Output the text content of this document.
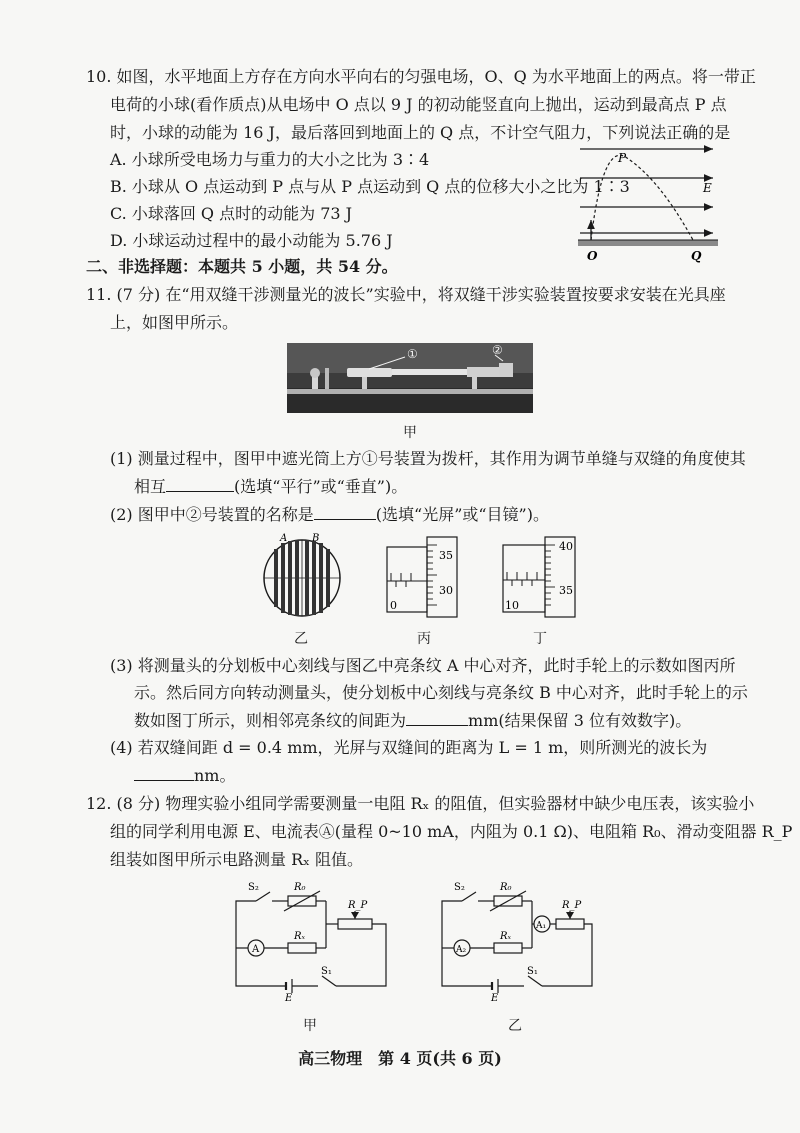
10. 如图，水平地面上方存在方向水平向右的匀强电场，O、Q 为水平地面上的两点。将一带正
电荷的小球(看作质点)从电场中 O 点以 9 J 的初动能竖直向上抛出，运动到最高点 P 点
时，小球的动能为 16 J，最后落回到地面上的 Q 点，不计空气阻力，下列说法正确的是
A. 小球所受电场力与重力的大小之比为 3∶4
B. 小球从 O 点运动到 P 点与从 P 点运动到 Q 点的位移大小之比为 1∶3
C. 小球落回 Q 点时的动能为 73 J
D. 小球运动过程中的最小动能为 5.76 J
P
E
O	Q
二、非选择题：本题共 5 小题，共 54 分。
11. (7 分) 在“用双缝干涉测量光的波长”实验中，将双缝干涉实验装置按要求安装在光具座
上，如图甲所示。
①	②
甲
(1) 测量过程中，图甲中遮光筒上方①号装置为拨杆，其作用为调节单缝与双缝的角度使其
相互	(选填“平行”或“垂直”)。
(2) 图甲中②号装置的名称是	(选填“光屏”或“目镜”)。
A B
35
30
0
40
35
10
乙	丙	丁
(3) 将测量头的分划板中心刻线与图乙中亮条纹 A 中心对齐，此时手轮上的示数如图丙所
示。然后同方向转动测量头，使分划板中心刻线与亮条纹 B 中心对齐，此时手轮上的示
数如图丁所示，则相邻亮条纹的间距为	mm(结果保留 3 位有效数字)。
(4) 若双缝间距 d = 0.4 mm，光屏与双缝间的距离为 L = 1 m，则所测光的波长为
nm。
12. (8 分) 物理实验小组同学需要测量一电阻 Rₓ 的阻值，但实验器材中缺少电压表，该实验小
组的同学利用电源 E、电流表Ⓐ(量程 0~10 mA，内阻为 0.1 Ω)、电阻箱 R₀、滑动变阻器 R_P
组装如图甲所示电路测量 Rₓ 阻值。
S₂	R₀
R_P
A
Rₓ
S₁
E
S₂	R₀
R_P
A₁
A₂
Rₓ
S₁
E
甲	乙
高三物理　第 4 页(共 6 页)
